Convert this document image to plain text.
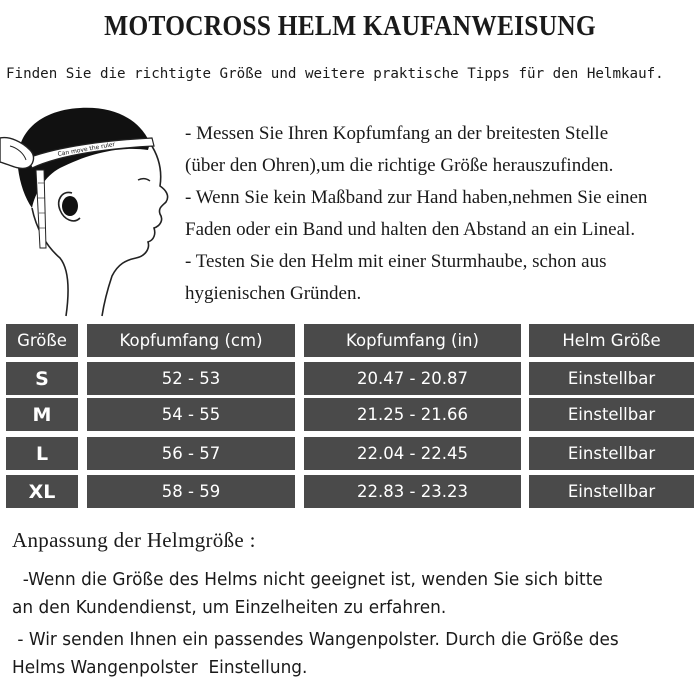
MOTOCROSS HELM KAUFANWEISUNG
Finden Sie die richtigte Größe und weitere praktische Tipps für den Helmkauf.
Can move the ruler
- Messen Sie Ihren Kopfumfang an der breitesten Stelle
(über den Ohren),um die richtige Größe herauszufinden.
- Wenn Sie kein Maßband zur Hand haben,nehmen Sie einen
Faden oder ein Band und halten den Abstand an ein Lineal.
- Testen Sie den Helm mit einer Sturmhaube, schon aus
hygienischen Gründen.
Größe	Kopfumfang (cm)	Kopfumfang (in)	Helm Größe
S	52 - 53	20.47 - 20.87	Einstellbar
M	54 - 55	21.25 - 21.66	Einstellbar
L	56 - 57	22.04 - 22.45	Einstellbar
XL	58 - 59	22.83 - 23.23	Einstellbar
Anpassung der Helmgröße :
-Wenn die Größe des Helms nicht geeignet ist, wenden Sie sich bitte
an den Kundendienst, um Einzelheiten zu erfahren.
- Wir senden Ihnen ein passendes Wangenpolster. Durch die Größe des
Helms Wangenpolster  Einstellung.
